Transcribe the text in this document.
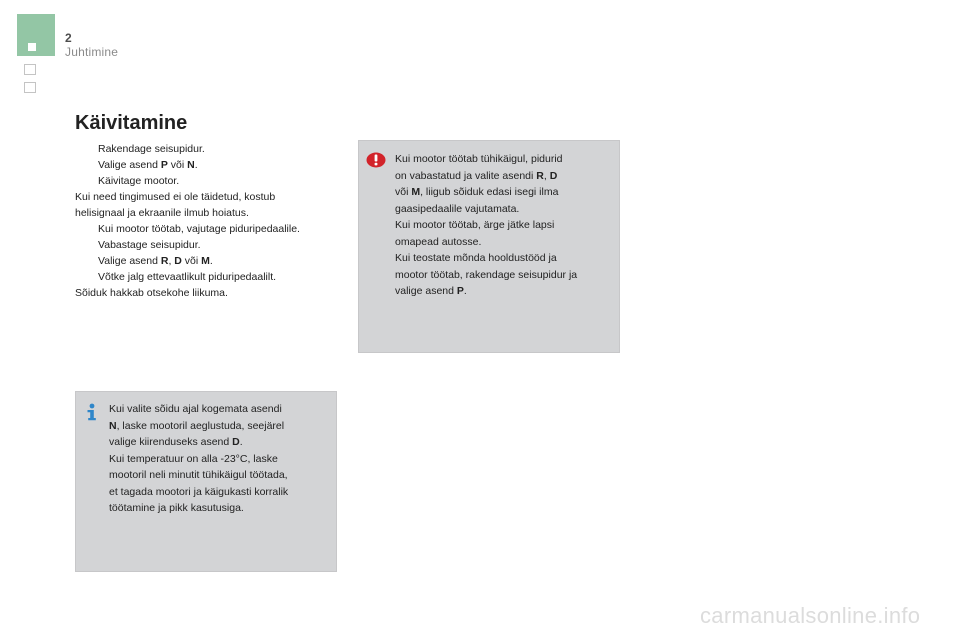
2
Juhtimine
Käivitamine

Rakendage seisupidur.

Valige asend P või N.

Käivitage mootor.

Kui need tingimused ei ole täidetud, kostub

helisignaal ja ekraanile ilmub hoiatus.

Kui mootor töötab, vajutage piduripedaalile.

Vabastage seisupidur.

Valige asend R, D või M.

Võtke jalg ettevaatlikult piduripedaalilt.

Sõiduk hakkab otsekohe liikuma.

Kui mootor töötab tühikäigul, pidurid

on vabastatud ja valite asendi R, D

või M, liigub sõiduk edasi isegi ilma

gaasipedaalile vajutamata.

Kui mootor töötab, ärge jätke lapsi

omapead autosse.

Kui teostate mõnda hooldustööd ja

mootor töötab, rakendage seisupidur ja

valige asend P.

Kui valite sõidu ajal kogemata asendi

N, laske mootoril aeglustuda, seejärel

valige kiirenduseks asend D.

Kui temperatuur on alla -23°C, laske

mootoril neli minutit tühikäigul töötada,

et tagada mootori ja käigukasti korralik

töötamine ja pikk kasutusiga.

carmanualsonline.info
